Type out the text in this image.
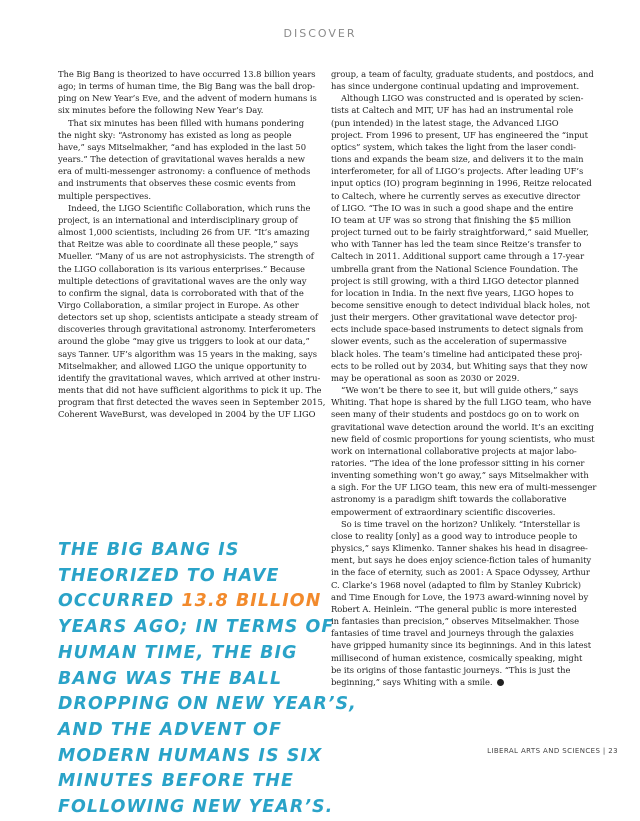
DISCOVER

The Big Bang is theorized to have occurred 13.8 billion years
ago; in terms of human time, the Big Bang was the ball drop-
ping on New Year’s Eve, and the advent of modern humans is
six minutes before the following New Year’s Day.

That six minutes has been filled with humans pondering
the night sky: “Astronomy has existed as long as people
have,” says Mitselmakher, “and has exploded in the last 50
years.” The detection of gravitational waves heralds a new
era of multi-messenger astronomy: a confluence of methods
and instruments that observes these cosmic events from
multiple perspectives.

Indeed, the LIGO Scientific Collaboration, which runs the
project, is an international and interdisciplinary group of
almost 1,000 scientists, including 26 from UF. “It’s amazing
that Reitze was able to coordinate all these people,” says
Mueller. “Many of us are not astrophysicists. The strength of
the LIGO collaboration is its various enterprises.” Because
multiple detections of gravitational waves are the only way
to confirm the signal, data is corroborated with that of the
Virgo Collaboration, a similar project in Europe. As other
detectors set up shop, scientists anticipate a steady stream of
discoveries through gravitational astronomy. Interferometers
around the globe “may give us triggers to look at our data,”
says Tanner. UF’s algorithm was 15 years in the making, says
Mitselmakher, and allowed LIGO the unique opportunity to
identify the gravitational waves, which arrived at other instru-
ments that did not have sufficient algorithms to pick it up. The
program that first detected the waves seen in September 2015,
Coherent WaveBurst, was developed in 2004 by the UF LIGO

THE BIG BANG IS
THEORIZED TO HAVE
OCCURRED 13.8 BILLION
YEARS AGO; IN TERMS OF
HUMAN TIME, THE BIG
BANG WAS THE BALL
DROPPING ON NEW YEAR’S,
AND THE ADVENT OF
MODERN HUMANS IS SIX
MINUTES BEFORE THE
FOLLOWING NEW YEAR’S.

group, a team of faculty, graduate students, and postdocs, and
has since undergone continual updating and improvement.

Although LIGO was constructed and is operated by scien-
tists at Caltech and MIT, UF has had an instrumental role
(pun intended) in the latest stage, the Advanced LIGO
project. From 1996 to present, UF has engineered the “input
optics” system, which takes the light from the laser condi-
tions and expands the beam size, and delivers it to the main
interferometer, for all of LIGO’s projects. After leading UF’s
input optics (IO) program beginning in 1996, Reitze relocated
to Caltech, where he currently serves as executive director
of LIGO. “The IO was in such a good shape and the entire
IO team at UF was so strong that finishing the $5 million
project turned out to be fairly straightforward,” said Mueller,
who with Tanner has led the team since Reitze’s transfer to
Caltech in 2011. Additional support came through a 17-year
umbrella grant from the National Science Foundation. The
project is still growing, with a third LIGO detector planned
for location in India. In the next five years, LIGO hopes to
become sensitive enough to detect individual black holes, not
just their mergers. Other gravitational wave detector proj-
ects include space-based instruments to detect signals from
slower events, such as the acceleration of supermassive
black holes. The team’s timeline had anticipated these proj-
ects to be rolled out by 2034, but Whiting says that they now
may be operational as soon as 2030 or 2029.

“We won’t be there to see it, but will guide others,” says
Whiting. That hope is shared by the full LIGO team, who have
seen many of their students and postdocs go on to work on
gravitational wave detection around the world. It’s an exciting
new field of cosmic proportions for young scientists, who must
work on international collaborative projects at major labo-
ratories. “The idea of the lone professor sitting in his corner
inventing something won’t go away,” says Mitselmakher with
a sigh. For the UF LIGO team, this new era of multi-messenger
astronomy is a paradigm shift towards the collaborative
empowerment of extraordinary scientific discoveries.

So is time travel on the horizon? Unlikely. “Interstellar is
close to reality [only] as a good way to introduce people to
physics,” says Klimenko. Tanner shakes his head in disagree-
ment, but says he does enjoy science-fiction tales of humanity
in the face of eternity, such as 2001: A Space Odyssey, Arthur
C. Clarke’s 1968 novel (adapted to film by Stanley Kubrick)
and Time Enough for Love, the 1973 award-winning novel by
Robert A. Heinlein. “The general public is more interested
in fantasies than precision,” observes Mitselmakher. Those
fantasies of time travel and journeys through the galaxies
have gripped humanity since its beginnings. And in this latest
millisecond of human existence, cosmically speaking, might
be its origins of those fantastic journeys. “This is just the
beginning,” says Whiting with a smile.

LIBERAL ARTS AND SCIENCES | 23
